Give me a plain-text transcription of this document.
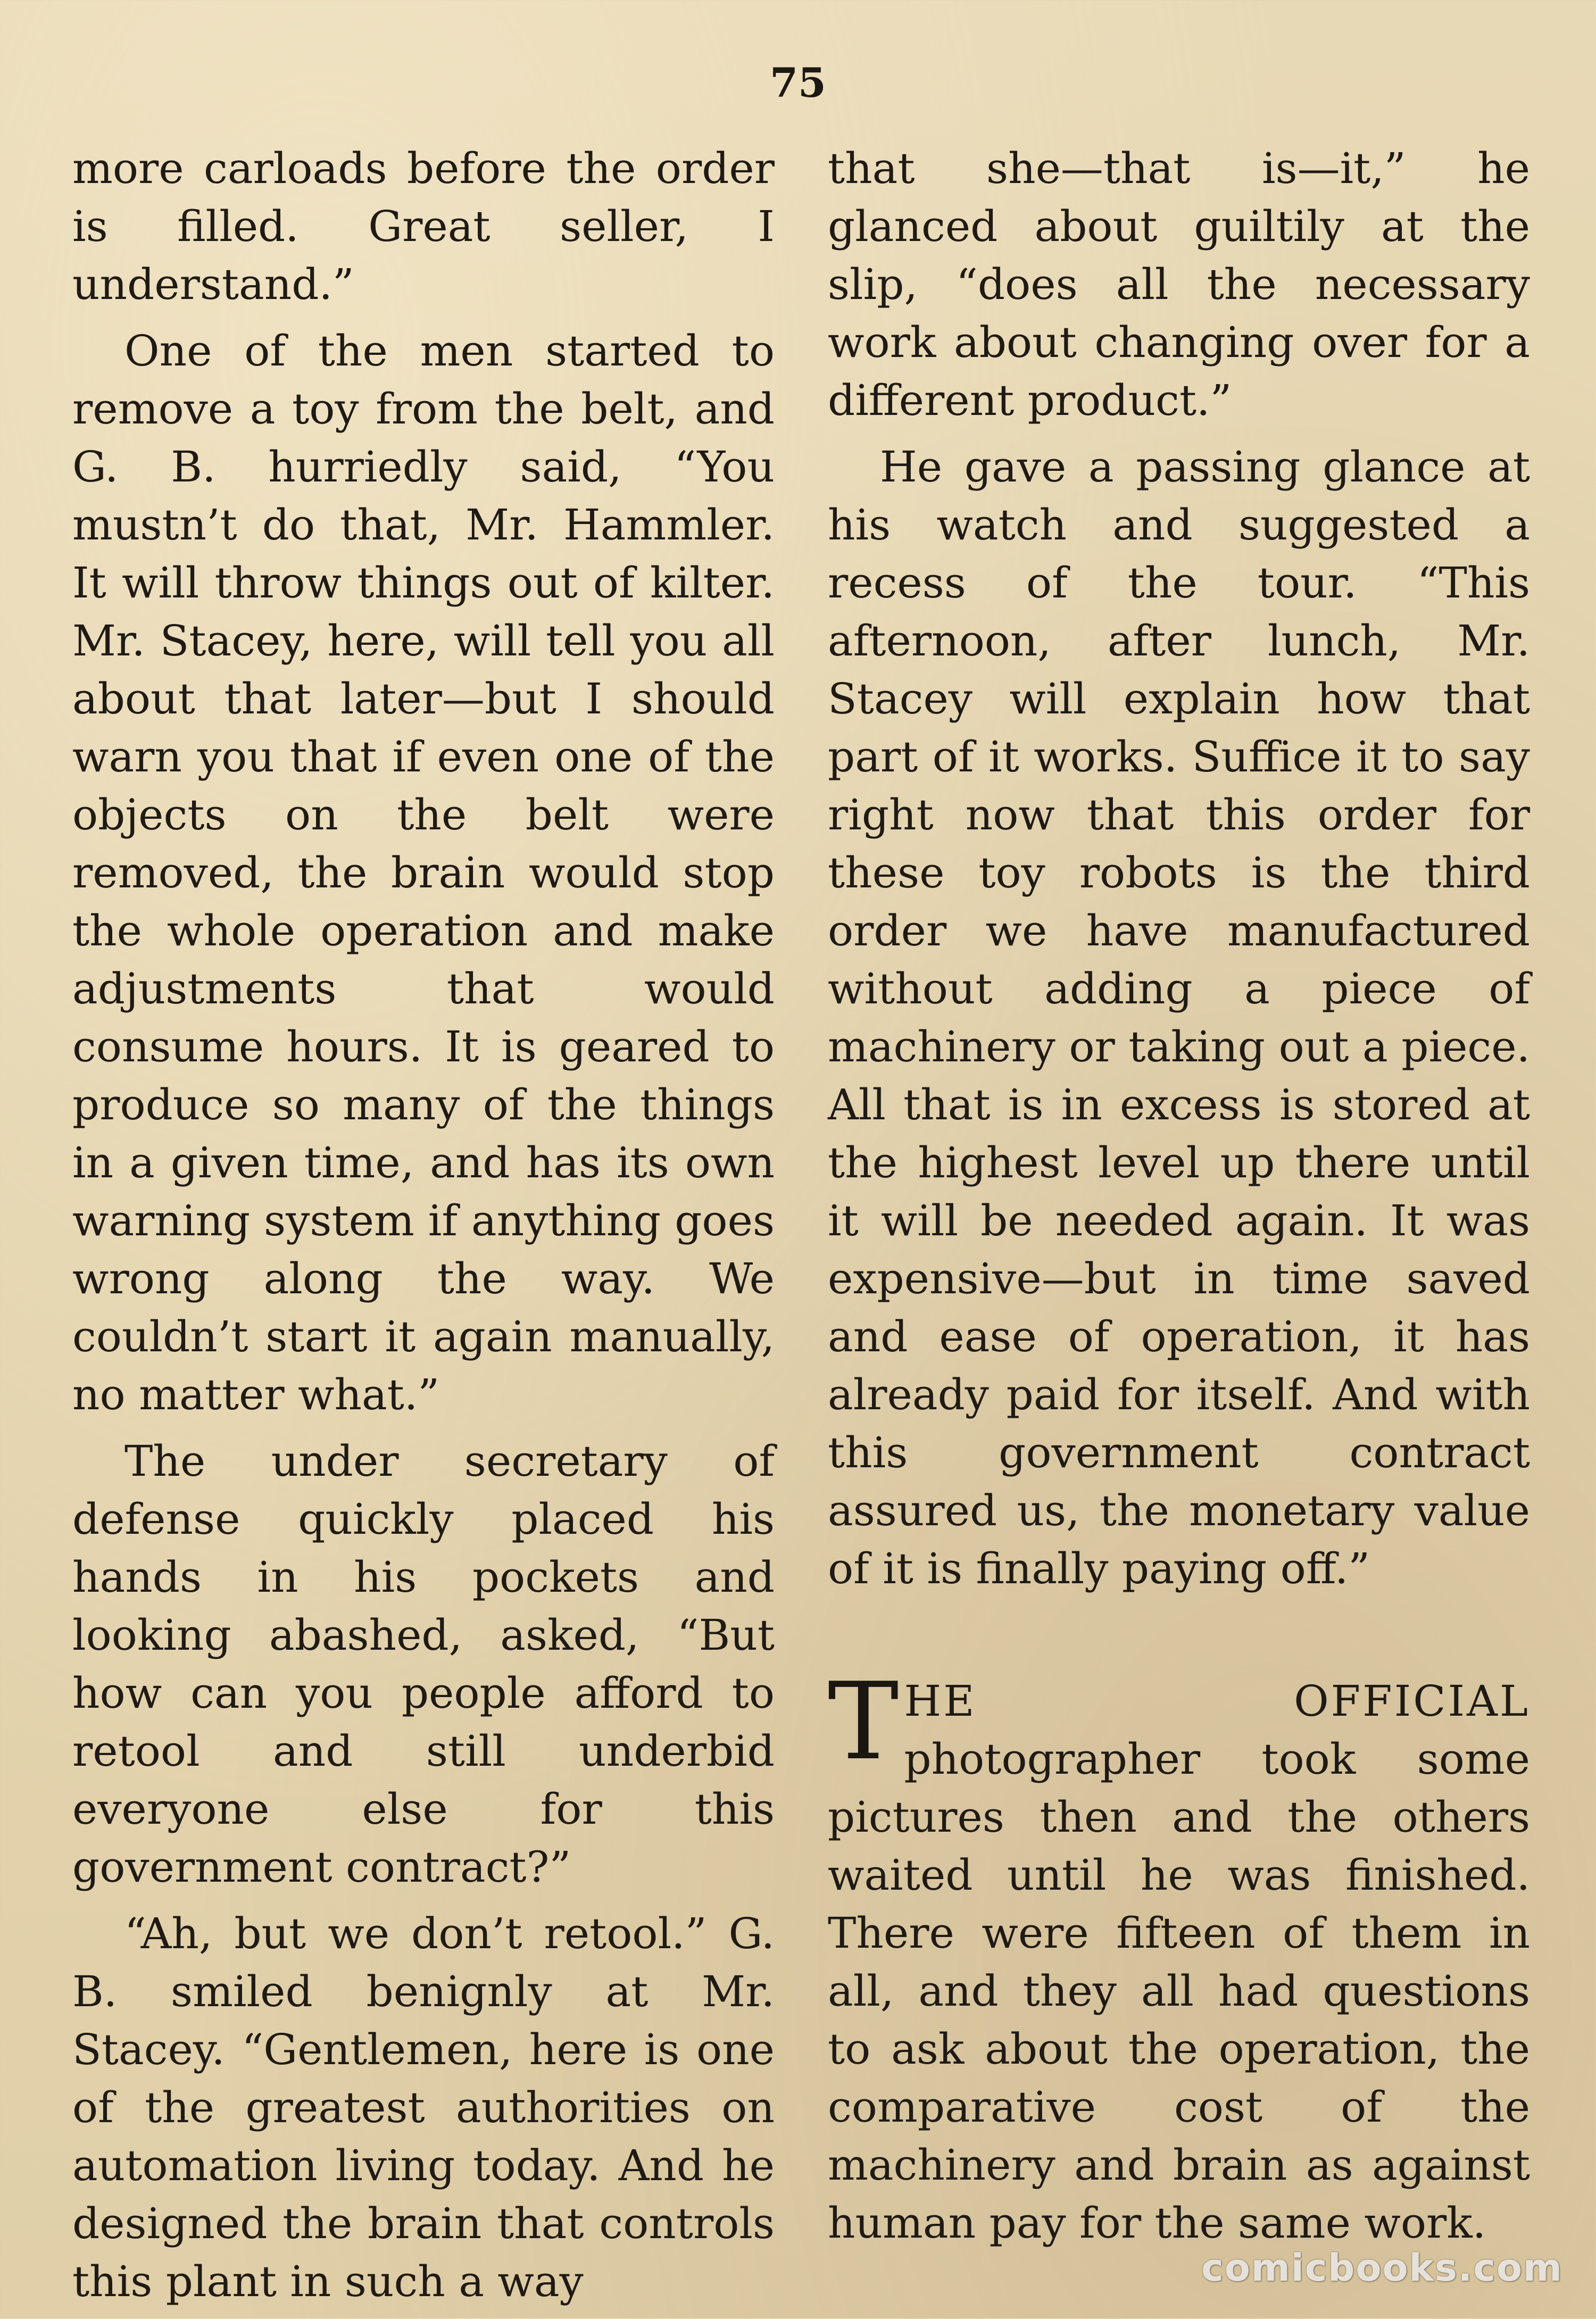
75

more carloads before the order is filled. Great seller, I understand.”

One of the men started to remove a toy from the belt, and G. B. hurriedly said, “You mustn’t do that, Mr. Hammler. It will throw things out of kilter. Mr. Stacey, here, will tell you all about that later—but I should warn you that if even one of the objects on the belt were removed, the brain would stop the whole operation and make adjustments that would consume hours. It is geared to produce so many of the things in a given time, and has its own warning system if anything goes wrong along the way. We couldn’t start it again manually, no matter what.”

The under secretary of defense quickly placed his hands in his pockets and looking abashed, asked, “But how can you people afford to retool and still underbid everyone else for this government contract?”

“Ah, but we don’t retool.” G. B. smiled benignly at Mr. Stacey. “Gentlemen, here is one of the greatest authorities on automation living today. And he designed the brain that controls this plant in such a way

that she—that is—it,” he glanced about guiltily at the slip, “does all the necessary work about changing over for a different product.”

He gave a passing glance at his watch and suggested a recess of the tour. “This afternoon, after lunch, Mr. Stacey will explain how that part of it works. Suffice it to say right now that this order for these toy robots is the third order we have manufactured without adding a piece of machinery or taking out a piece. All that is in excess is stored at the highest level up there until it will be needed again. It was expensive—but in time saved and ease of operation, it has already paid for itself. And with this government contract assured us, the monetary value of it is finally paying off.”

THE OFFICIAL photographer took some pictures then and the others waited until he was finished. There were fifteen of them in all, and they all had questions to ask about the operation, the comparative cost of the machinery and brain as against human pay for the same work.

comicbooks.com
